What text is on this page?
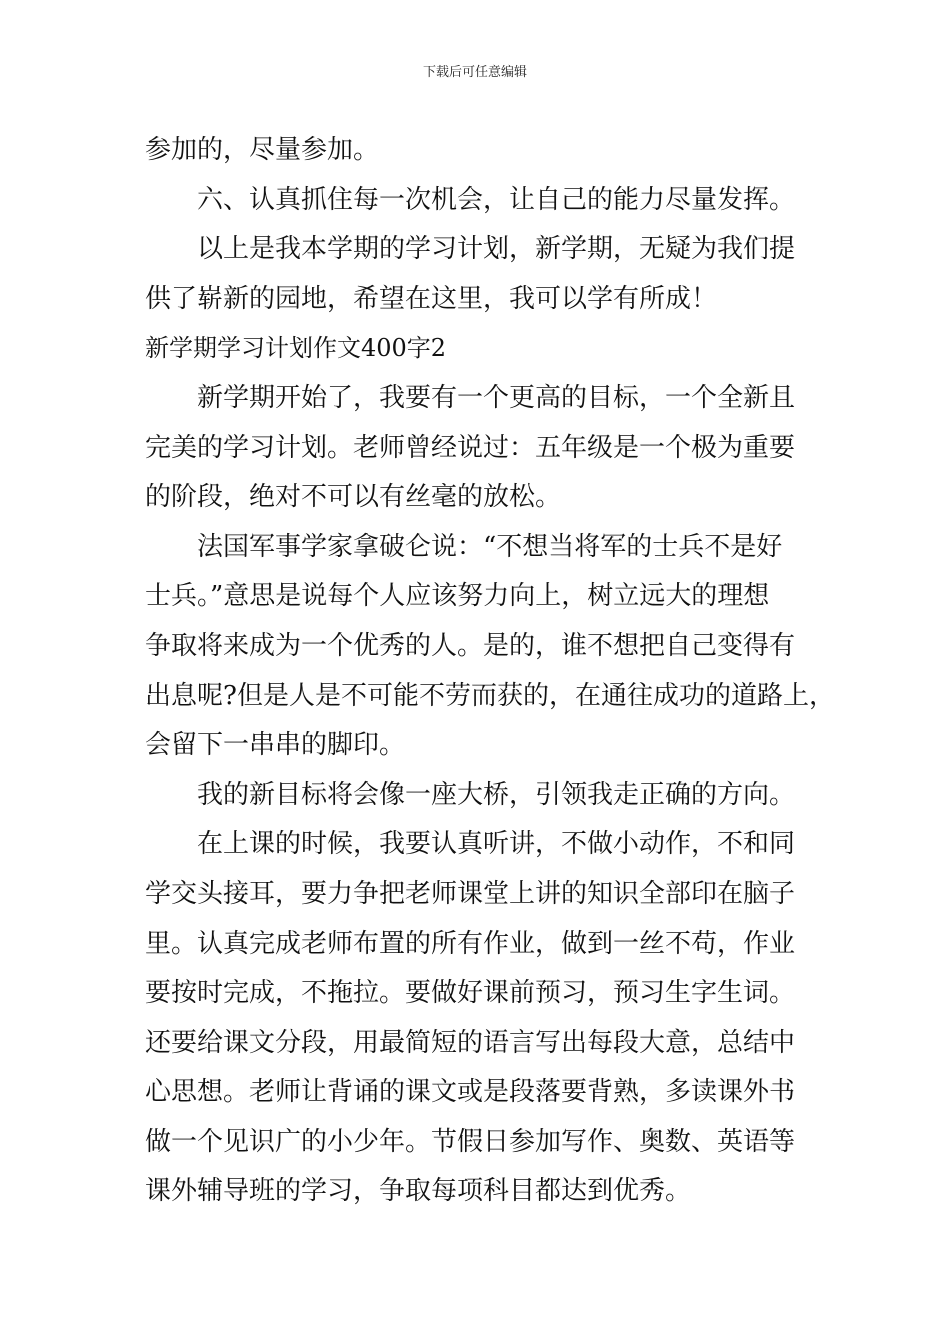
下载后可任意编辑
参加的，尽量参加。
六、认真抓住每一次机会，让自己的能力尽量发挥。
以上是我本学期的学习计划，新学期，无疑为我们提
供了崭新的园地，希望在这里，我可以学有所成！
新学期学习计划作文400字2
新学期开始了，我要有一个更高的目标，一个全新且
完美的学习计划。老师曾经说过：五年级是一个极为重要
的阶段，绝对不可以有丝毫的放松。
法国军事学家拿破仑说：“不想当将军的士兵不是好
士兵。”意思是说每个人应该努力向上，树立远大的理想
争取将来成为一个优秀的人。是的，谁不想把自己变得有
出息呢?但是人是不可能不劳而获的，在通往成功的道路上，
会留下一串串的脚印。
我的新目标将会像一座大桥，引领我走正确的方向。
在上课的时候，我要认真听讲，不做小动作，不和同
学交头接耳，要力争把老师课堂上讲的知识全部印在脑子
里。认真完成老师布置的所有作业，做到一丝不苟，作业
要按时完成，不拖拉。要做好课前预习，预习生字生词。
还要给课文分段，用最简短的语言写出每段大意，总结中
心思想。老师让背诵的课文或是段落要背熟，多读课外书
做一个见识广的小少年。节假日参加写作、奥数、英语等
课外辅导班的学习，争取每项科目都达到优秀。
